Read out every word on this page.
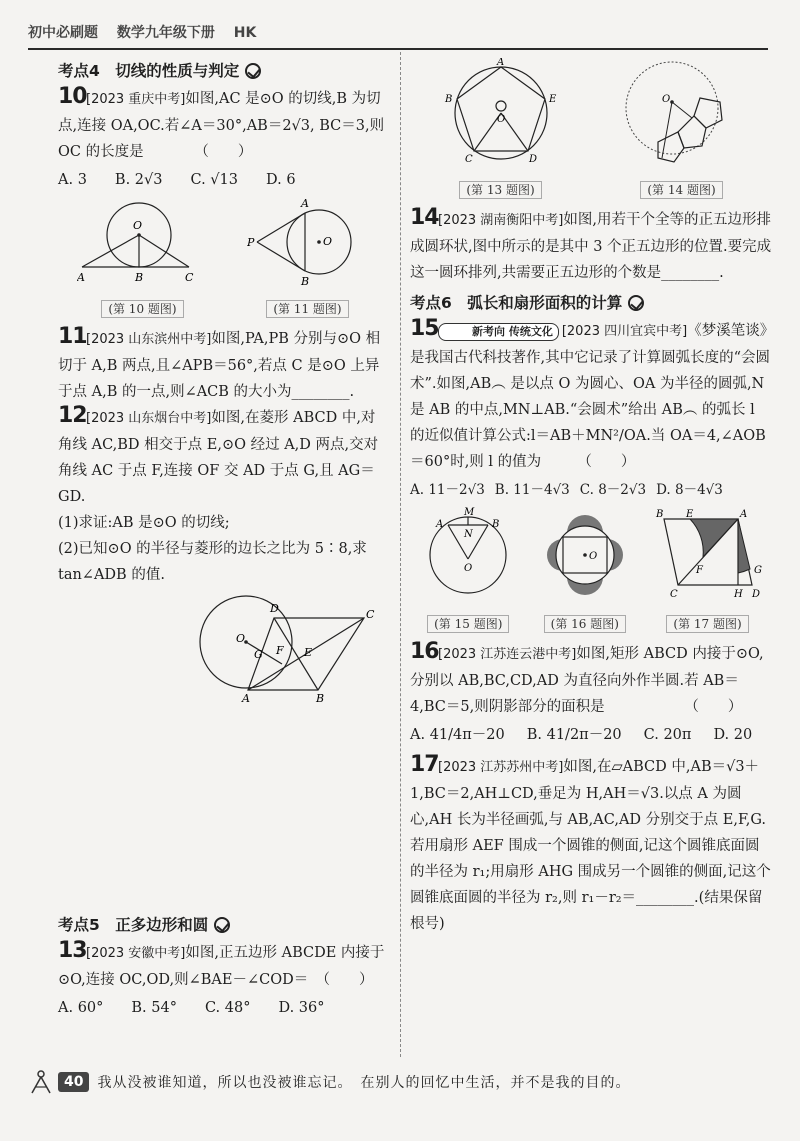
初中必刷题 数学九年级下册 HK
考点4　切线的性质与判定
10 [2023 重庆中考]如图,AC 是⊙O 的切线,B 为切点,连接 OA,OC.若∠A＝30°,AB＝2√3, BC＝3,则 OC 的长度是　　　　（　　）
A. 3 B. 2√3 C. √13 D. 6
O
A	B	C
(第 10 题图)
A
P	O
B
(第 11 题图)
11 [2023 山东滨州中考]如图,PA,PB 分别与⊙O 相切于 A,B 两点,且∠APB＝56°,若点 C 是⊙O 上异于点 A,B 的一点,则∠ACB 的大小为________.
12 [2023 山东烟台中考]如图,在菱形 ABCD 中,对角线 AC,BD 相交于点 E,⊙O 经过 A,D 两点,交对角线 AC 于点 F,连接 OF 交 AD 于点 G,且 AG＝GD.
(1)求证:AB 是⊙O 的切线;
(2)已知⊙O 的半径与菱形的边长之比为 5∶8,求 tan∠ADB 的值.
D	C
O
G F E
A	B
考点5　正多边形和圆
13 [2023 安徽中考]如图,正五边形 ABCDE 内接于⊙O,连接 OC,OD,则∠BAE－∠COD＝　（　　）
A. 60° B. 54° C. 48° D. 36°
A
B	E
O
C	D
(第 13 题图)
O
(第 14 题图)
14 [2023 湖南衡阳中考]如图,用若干个全等的正五边形排成圆环状,图中所示的是其中 3 个正五边形的位置.要完成这一圆环排列,共需要正五边形的个数是________.
考点6　弧长和扇形面积的计算
15	新考向 传统文化 [2023 四川宜宾中考]《梦溪笔谈》是我国古代科技著作,其中它记录了计算圆弧长度的“会圆术”.如图,AB︵ 是以点 O 为圆心、OA 为半径的圆弧,N 是 AB 的中点,MN⊥AB.“会圆术”给出 AB︵ 的弧长 l 的近似值计算公式:l＝AB＋MN²/OA.当 OA＝4,∠AOB＝60°时,则 l 的值为　　　（　　）
A. 11－2√3 B. 11－4√3 C. 8－2√3 D. 8－4√3
M
A
N
B
O
(第 15 题图)
O
(第 16 题图)
B E	A
F
C	H D
G
(第 17 题图)
16 [2023 江苏连云港中考]如图,矩形 ABCD 内接于⊙O,分别以 AB,BC,CD,AD 为直径向外作半圆.若 AB＝4,BC＝5,则阴影部分的面积是　　　　　　（　　）
A. 41/4π－20 B. 41/2π－20 C. 20π D. 20
17 [2023 江苏苏州中考]如图,在▱ABCD 中,AB＝√3＋1,BC＝2,AH⊥CD,垂足为 H,AH＝√3.以点 A 为圆心,AH 长为半径画弧,与 AB,AC,AD 分别交于点 E,F,G.若用扇形 AEF 围成一个圆锥的侧面,记这个圆锥底面圆的半径为 r₁;用扇形 AHG 围成另一个圆锥的侧面,记这个圆锥底面圆的半径为 r₂,则 r₁－r₂＝________.(结果保留根号)
40	我从没被谁知道，所以也没被谁忘记。　在别人的回忆中生活，并不是我的目的。
